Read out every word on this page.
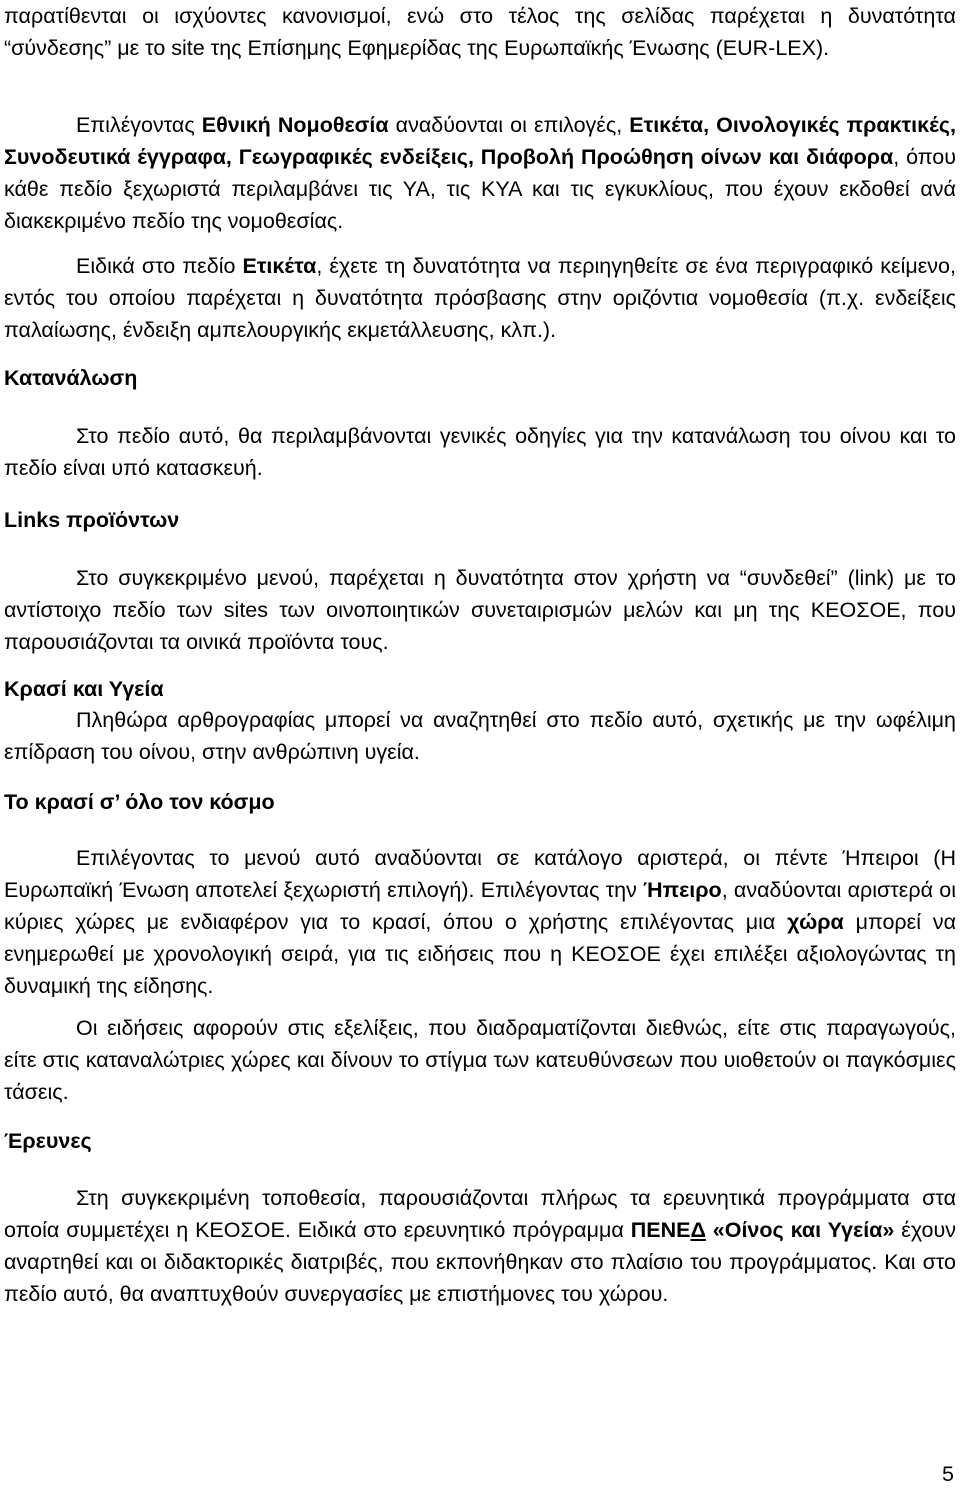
παρατίθενται οι ισχύοντες κανονισμοί, ενώ στο τέλος της σελίδας παρέχεται η δυνατότητα “σύνδεσης” με το site της Επίσημης Εφημερίδας της Ευρωπαϊκής Ένωσης (EUR-LEX).

Επιλέγοντας Εθνική Νομοθεσία αναδύονται οι επιλογές, Ετικέτα, Οινολογικές πρακτικές, Συνοδευτικά έγγραφα, Γεωγραφικές ενδείξεις, Προβολή Προώθηση οίνων και διάφορα, όπου κάθε πεδίο ξεχωριστά περιλαμβάνει τις ΥΑ, τις ΚΥΑ και τις εγκυκλίους, που έχουν εκδοθεί ανά διακεκριμένο πεδίο της νομοθεσίας.

Ειδικά στο πεδίο Ετικέτα, έχετε τη δυνατότητα να περιηγηθείτε σε ένα περιγραφικό κείμενο, εντός του οποίου παρέχεται η δυνατότητα πρόσβασης στην οριζόντια νομοθεσία (π.χ. ενδείξεις παλαίωσης, ένδειξη αμπελουργικής εκμετάλλευσης, κλπ.).

Κατανάλωση

Στο πεδίο αυτό, θα περιλαμβάνονται γενικές οδηγίες για την κατανάλωση του οίνου και το πεδίο είναι υπό κατασκευή.

Links προϊόντων

Στο συγκεκριμένο μενού, παρέχεται η δυνατότητα στον χρήστη να “συνδεθεί” (link) με το αντίστοιχο πεδίο των sites των οινοποιητικών συνεταιρισμών μελών και μη της ΚΕΟΣΟΕ, που παρουσιάζονται τα οινικά προϊόντα τους.

Κρασί και Υγεία

Πληθώρα αρθρογραφίας μπορεί να αναζητηθεί στο πεδίο αυτό, σχετικής με την ωφέλιμη επίδραση του οίνου, στην ανθρώπινη υγεία.

Το κρασί σ’ όλο τον κόσμο

Επιλέγοντας το μενού αυτό αναδύονται σε κατάλογο αριστερά, οι πέντε Ήπειροι (Η Ευρωπαϊκή Ένωση αποτελεί ξεχωριστή επιλογή). Επιλέγοντας την Ήπειρο, αναδύονται αριστερά οι κύριες χώρες με ενδιαφέρον για το κρασί, όπου ο χρήστης επιλέγοντας μια χώρα μπορεί να ενημερωθεί με χρονολογική σειρά, για τις ειδήσεις που η ΚΕΟΣΟΕ έχει επιλέξει αξιολογώντας τη δυναμική της είδησης.

Οι ειδήσεις αφορούν στις εξελίξεις, που διαδραματίζονται διεθνώς, είτε στις παραγωγούς, είτε στις καταναλώτριες χώρες και δίνουν το στίγμα των κατευθύνσεων που υιοθετούν οι παγκόσμιες τάσεις.

Έρευνες

Στη συγκεκριμένη τοποθεσία, παρουσιάζονται πλήρως τα ερευνητικά προγράμματα στα οποία συμμετέχει η ΚΕΟΣΟΕ. Ειδικά στο ερευνητικό πρόγραμμα ΠΕΝΕΔ «Οίνος και Υγεία» έχουν αναρτηθεί και οι διδακτορικές διατριβές, που εκπονήθηκαν στο πλαίσιο του προγράμματος. Και στο πεδίο αυτό, θα αναπτυχθούν συνεργασίες με επιστήμονες του χώρου.

5
